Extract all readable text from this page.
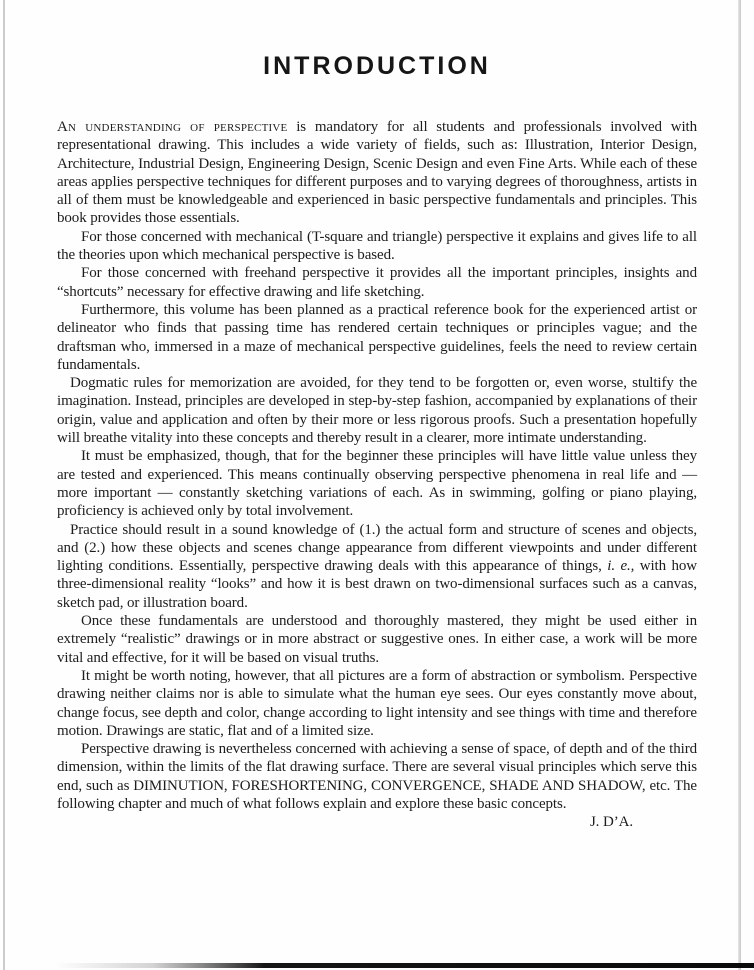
INTRODUCTION

An understanding of perspective is mandatory for all students and professionals involved with representational drawing. This includes a wide variety of fields, such as: Illustration, Interior Design, Architecture, Industrial Design, Engineering Design, Scenic Design and even Fine Arts. While each of these areas applies perspective techniques for different purposes and to varying degrees of thoroughness, artists in all of them must be knowledgeable and experienced in basic perspective fundamentals and principles. This book provides those essentials.

For those concerned with mechanical (T-square and triangle) perspective it explains and gives life to all the theories upon which mechanical perspective is based.

For those concerned with freehand perspective it provides all the important principles, insights and “shortcuts” necessary for effective drawing and life sketching.

Furthermore, this volume has been planned as a practical reference book for the experienced artist or delineator who finds that passing time has rendered certain techniques or principles vague; and the draftsman who, immersed in a maze of mechanical perspective guidelines, feels the need to review certain fundamentals.

Dogmatic rules for memorization are avoided, for they tend to be forgotten or, even worse, stultify the imagination. Instead, principles are developed in step-by-step fashion, accompanied by explanations of their origin, value and application and often by their more or less rigorous proofs. Such a presentation hopefully will breathe vitality into these concepts and thereby result in a clearer, more intimate understanding.

It must be emphasized, though, that for the beginner these principles will have little value unless they are tested and experienced. This means continually observing perspective phenomena in real life and — more important — constantly sketching variations of each. As in swimming, golfing or piano playing, proficiency is achieved only by total involvement.

Practice should result in a sound knowledge of (1.) the actual form and structure of scenes and objects, and (2.) how these objects and scenes change appearance from different viewpoints and under different lighting conditions. Essentially, perspective drawing deals with this appearance of things, i. e., with how three-dimensional reality “looks” and how it is best drawn on two-dimensional surfaces such as a canvas, sketch pad, or illustration board.

Once these fundamentals are understood and thoroughly mastered, they might be used either in extremely “realistic” drawings or in more abstract or suggestive ones. In either case, a work will be more vital and effective, for it will be based on visual truths.

It might be worth noting, however, that all pictures are a form of abstraction or symbolism. Perspective drawing neither claims nor is able to simulate what the human eye sees. Our eyes constantly move about, change focus, see depth and color, change according to light intensity and see things with time and therefore motion. Drawings are static, flat and of a limited size.

Perspective drawing is nevertheless concerned with achieving a sense of space, of depth and of the third dimension, within the limits of the flat drawing surface. There are several visual principles which serve this end, such as DIMINUTION, FORESHORTENING, CONVERGENCE, SHADE AND SHADOW, etc. The following chapter and much of what follows explain and explore these basic concepts.

J. D’A.
